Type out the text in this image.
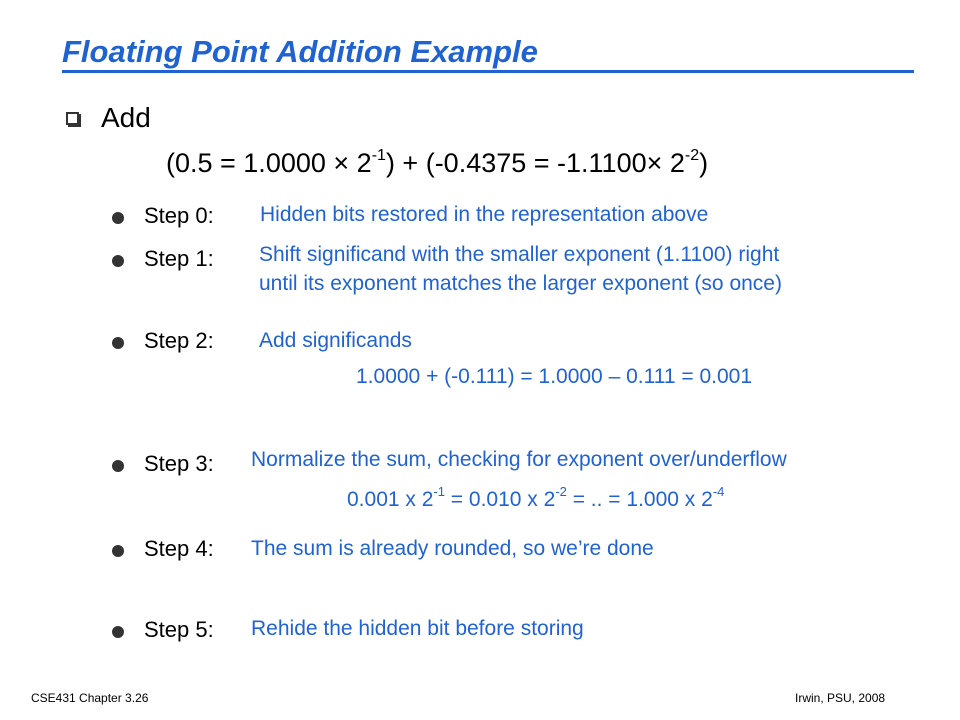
Floating Point Addition Example
Add
$(0.5 = 1.0000 \times 2^{-1}) + (-0.4375 = -1.1100\times 2^{-2})$
Step 0: Hidden bits restored in the representation above
Step 1: Shift significand with the smaller exponent (1.1100) right
until its exponent matches the larger exponent (so once)
Step 2: Add significands
1.0000 + (-0.111) = 1.0000 – 0.111 = 0.001
Step 3: Normalize the sum, checking for exponent over/underflow
0.001 x $2^{-1} = 0.010$ x $2^{-2}$ = .. = 1.000 x $2^{-4}$
Step 4: The sum is already rounded, so we’re done
Step 5: Rehide the hidden bit before storing
CSE431 Chapter 3.26	Irwin, PSU, 2008
